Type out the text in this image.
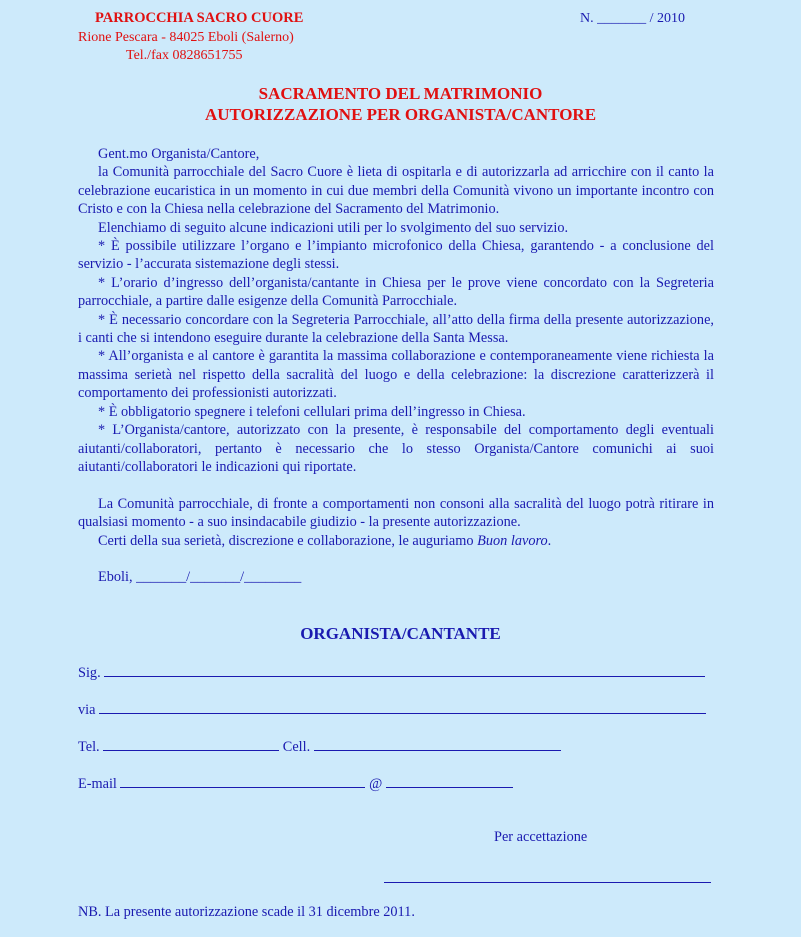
PARROCCHIA SACRO CUORE
Rione Pescara - 84025 Eboli (Salerno)
Tel./fax 0828651755
N. _______ / 2010
SACRAMENTO DEL MATRIMONIO
AUTORIZZAZIONE PER ORGANISTA/CANTORE

Gent.mo Organista/Cantore,

la Comunità parrocchiale del Sacro Cuore è lieta di ospitarla e di autorizzarla ad arricchire con il canto la celebrazione eucaristica in un momento in cui due membri della Comunità vivono un importante incontro con Cristo e con la Chiesa nella celebrazione del Sacramento del Matrimonio.

Elenchiamo di seguito alcune indicazioni utili per lo svolgimento del suo servizio.

* È possibile utilizzare l’organo e l’impianto microfonico della Chiesa, garantendo - a conclusione del servizio - l’accurata sistemazione degli stessi.

* L’orario d’ingresso dell’organista/cantante in Chiesa per le prove viene concordato con la Segreteria parrocchiale, a partire dalle esigenze della Comunità Parrocchiale.

* È necessario concordare con la Segreteria Parrocchiale, all’atto della firma della presente autorizzazione, i canti che si intendono eseguire durante la celebrazione della Santa Messa.

* All’organista e al cantore è garantita la massima collaborazione e contemporaneamente viene richiesta la massima serietà nel rispetto della sacralità del luogo e della celebrazione: la discrezione caratterizzerà il comportamento dei professionisti autorizzati.

* È obbligatorio spegnere i telefoni cellulari prima dell’ingresso in Chiesa.

* L’Organista/cantore, autorizzato con la presente, è responsabile del comportamento degli eventuali aiutanti/collaboratori, pertanto è necessario che lo stesso Organista/Cantore comunichi ai suoi aiutanti/collaboratori le indicazioni qui riportate.

La Comunità parrocchiale, di fronte a comportamenti non consoni alla sacralità del luogo potrà ritirare in qualsiasi momento - a suo insindacabile giudizio - la presente autorizzazione.

Certi della sua serietà, discrezione e collaborazione, le auguriamo Buon lavoro.

Eboli, _______/_______/________

ORGANISTA/CANTANTE
Sig.
via
Tel.	Cell.
E-mail	@
Per accettazione
NB. La presente autorizzazione scade il 31 dicembre 2011.
